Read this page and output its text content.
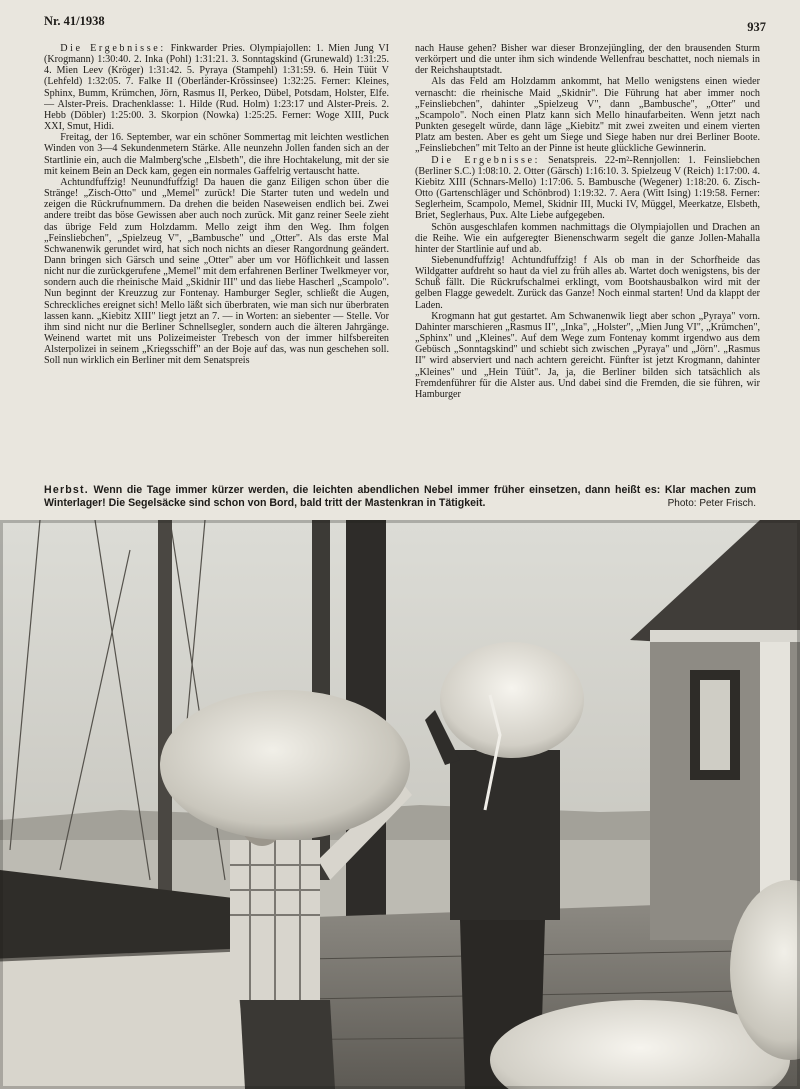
Nr. 41/1938	937

Die Ergebnisse: Finkwarder Pries. Olympiajollen: 1. Mien Jung VI (Krogmann) 1:30:40. 2. Inka (Pohl) 1:31:21. 3. Sonntagskind (Grunewald) 1:31:25. 4. Mien Leev (Kröger) 1:31:42. 5. Pyraya (Stampehl) 1:31:59. 6. Hein Tüüt V (Lehfeld) 1:32:05. 7. Falke II (Oberländer-Krössinsee) 1:32:25. Ferner: Kleines, Sphinx, Bumm, Krümchen, Jörn, Rasmus II, Perkeo, Dübel, Potsdam, Holster, Elfe. — Alster-Preis. Drachenklasse: 1. Hilde (Rud. Holm) 1:23:17 und Alster-Preis. 2. Hebb (Döbler) 1:25:00. 3. Skorpion (Nowka) 1:25:25. Ferner: Woge XIII, Puck XXI, Smut, Hidi.

Freitag, der 16. September, war ein schöner Sommertag mit leichten westlichen Winden von 3—4 Sekundenmetern Stärke. Alle neunzehn Jollen fanden sich an der Startlinie ein, auch die Malmberg'sche „Elsbeth", die ihre Hochtakelung, mit der sie mit keinem Bein an Deck kam, gegen ein normales Gaffelrig vertauscht hatte.

Achtundfuffzig! Neunundfuffzig! Da hauen die ganz Eiligen schon über die Stränge! „Zisch-Otto" und „Memel" zurück! Die Starter tuten und wedeln und zeigen die Rückrufnummern. Da drehen die beiden Naseweisen endlich bei. Zwei andere treibt das böse Gewissen aber auch noch zurück. Mit ganz reiner Seele zieht das übrige Feld zum Holzdamm. Mello zeigt ihm den Weg. Ihm folgen „Feinsliebchen", „Spielzeug V", „Bambusche" und „Otter". Als das erste Mal Schwanenwik gerundet wird, hat sich noch nichts an dieser Rangordnung geändert. Dann bringen sich Gärsch und seine „Otter" aber um vor Höflichkeit und lassen nicht nur die zurückgerufene „Memel" mit dem erfahrenen Berliner Twelkmeyer vor, sondern auch die rheinische Maid „Skidnir III" und das liebe Hascherl „Scampolo". Nun beginnt der Kreuzzug zur Fontenay. Hamburger Segler, schließt die Augen, Schreckliches ereignet sich! Mello läßt sich überbraten, wie man sich nur überbraten lassen kann. „Kiebitz XIII" liegt jetzt an 7. — in Worten: an siebenter — Stelle. Vor ihm sind nicht nur die Berliner Schnellsegler, sondern auch die älteren Jahrgänge. Weinend wartet mit uns Polizeimeister Trebesch von der immer hilfsbereiten Alsterpolizei in seinem „Kriegsschiff" an der Boje auf das, was nun geschehen soll. Soll nun wirklich ein Berliner mit dem Senatspreis

nach Hause gehen? Bisher war dieser Bronzejüngling, der den brausenden Sturm verkörpert und die unter ihm sich windende Wellenfrau beschattet, noch niemals in der Reichshauptstadt.

Als das Feld am Holzdamm ankommt, hat Mello wenigstens einen wieder vernascht: die rheinische Maid „Skidnir". Die Führung hat aber immer noch „Feinsliebchen", dahinter „Spielzeug V", dann „Bambusche", „Otter" und „Scampolo". Noch einen Platz kann sich Mello hinaufarbeiten. Wenn jetzt nach Punkten gesegelt würde, dann läge „Kiebitz" mit zwei zweiten und einem vierten Platz am besten. Aber es geht um Siege und Siege haben nur drei Berliner Boote. „Feinsliebchen" mit Telto an der Pinne ist heute glückliche Gewinnerin.

Die Ergebnisse: Senatspreis. 22-m²-Rennjollen: 1. Feinsliebchen (Berliner S.C.) 1:08:10. 2. Otter (Gärsch) 1:16:10. 3. Spielzeug V (Reich) 1:17:00. 4. Kiebitz XIII (Schnars-Mello) 1:17:06. 5. Bambusche (Wegener) 1:18:20. 6. Zisch-Otto (Gartenschläger und Schönbrod) 1:19:32. 7. Aera (Witt Ising) 1:19:58. Ferner: Seglerheim, Scampolo, Memel, Skidnir III, Mucki IV, Müggel, Meerkatze, Elsbeth, Briet, Seglerhaus, Pux. Alte Liebe aufgegeben.

Schön ausgeschlafen kommen nachmittags die Olympiajollen und Drachen an die Reihe. Wie ein aufgeregter Bienenschwarm segelt die ganze Jollen-Mahalla hinter der Startlinie auf und ab.

Siebenundfuffzig! Achtundfuffzig! f Als ob man in der Schorfheide das Wildgatter aufdreht so haut da viel zu früh alles ab. Wartet doch wenigstens, bis der Schuß fällt. Die Rückrufschalmei erklingt, vom Bootshausbalkon wird mit der gelben Flagge gewedelt. Zurück das Ganze! Noch einmal starten! Und da klappt der Laden.

Krogmann hat gut gestartet. Am Schwanenwik liegt aber schon „Pyraya" vorn. Dahinter marschieren „Rasmus II", „Inka", „Holster", „Mien Jung VI", „Krümchen", „Sphinx" und „Kleines". Auf dem Wege zum Fontenay kommt irgendwo aus dem Gebüsch „Sonntagskind" und schiebt sich zwischen „Pyraya" und „Jörn". „Rasmus II" wird abserviert und nach achtern gereicht. Fünfter ist jetzt Krogmann, dahinter „Kleines" und „Hein Tüüt". Ja, ja, die Berliner bilden sich tatsächlich als Fremdenführer für die Alster aus. Und dabei sind die Fremden, die sie führen, wir Hamburger

Herbst. Wenn die Tage immer kürzer werden, die leichten abendlichen Nebel immer früher einsetzen, dann heißt es: Klar machen zum Winterlager! Die Segelsäcke sind schon von Bord, bald tritt der Mastenkran in Tätigkeit.	Photo: Peter Frisch.
